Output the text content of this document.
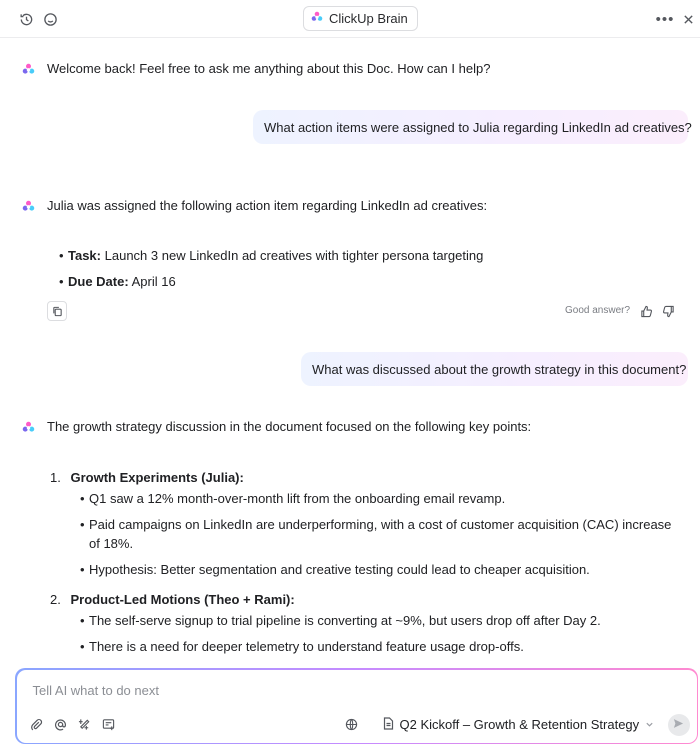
ClickUp Brain	•••
Welcome back! Feel free to ask me anything about this Doc. How can I help?
What action items were assigned to Julia regarding LinkedIn ad creatives?
Julia was assigned the following action item regarding LinkedIn ad creatives:
• Task: Launch 3 new LinkedIn ad creatives with tighter persona targeting
• Due Date: April 16
Good answer?
What was discussed about the growth strategy in this document?
The growth strategy discussion in the document focused on the following key points:
1. Growth Experiments (Julia):
• Q1 saw a 12% month-over-month lift from the onboarding email revamp.
• Paid campaigns on LinkedIn are underperforming, with a cost of customer acquisition (CAC) increase
of 18%.
• Hypothesis: Better segmentation and creative testing could lead to cheaper acquisition.
2. Product-Led Motions (Theo + Rami):
• The self-serve signup to trial pipeline is converting at ~9%, but users drop off after Day 2.
• There is a need for deeper telemetry to understand feature usage drop-offs.
Tell AI what to do next
Q2 Kickoff – Growth & Retention Strategy
